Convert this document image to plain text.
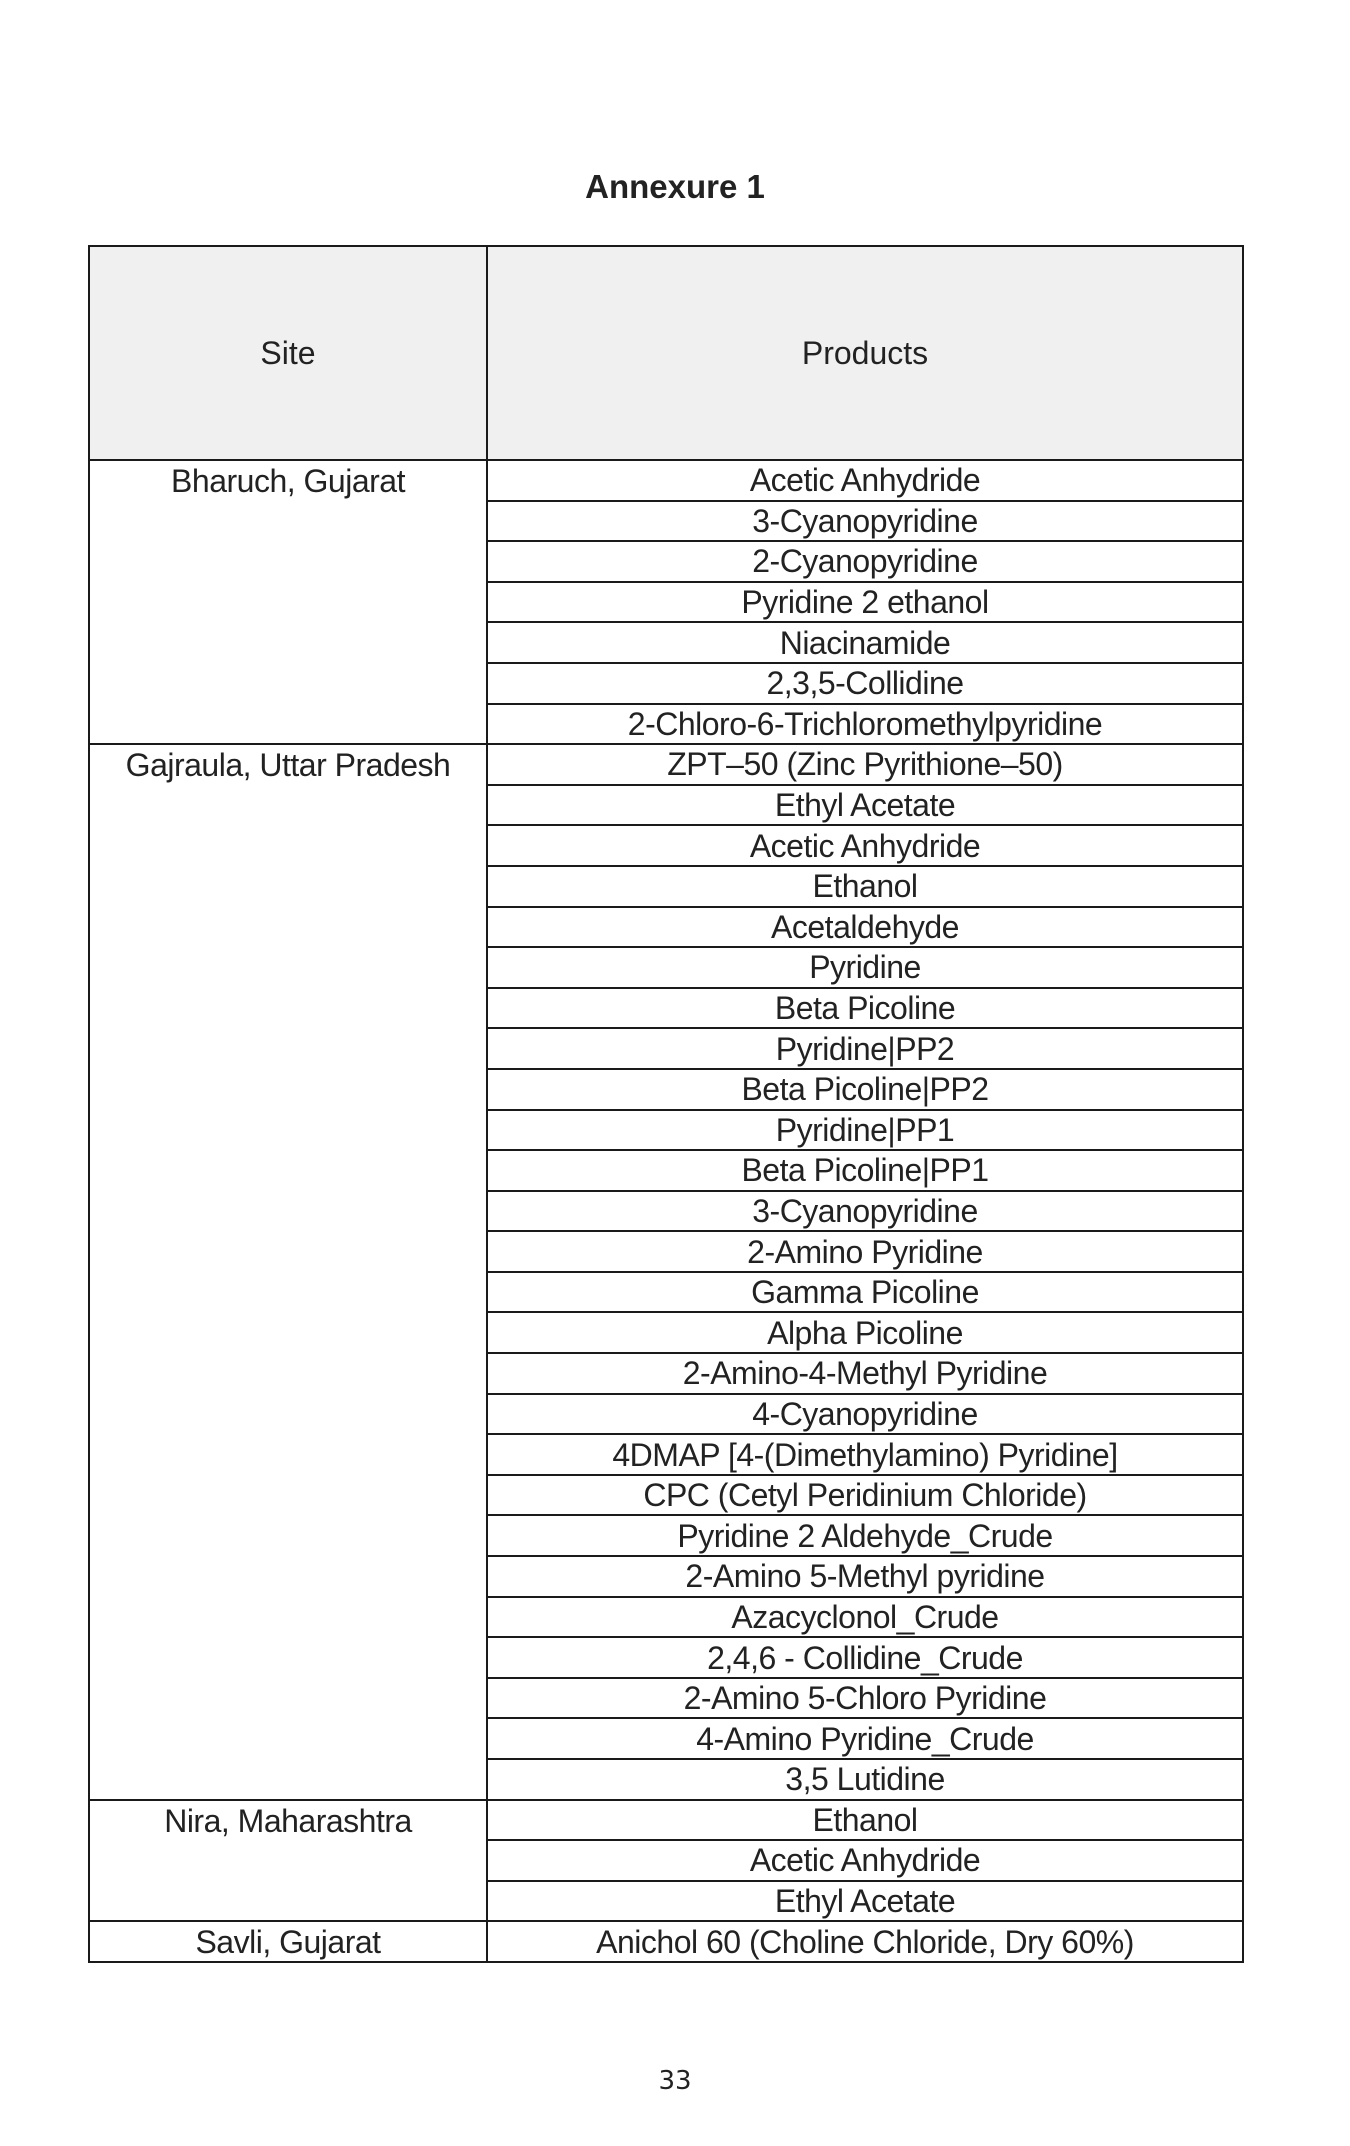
Annexure 1
Site	Products

Bharuch, Gujarat	Acetic Anhydride
	3-Cyanopyridine
	2-Cyanopyridine
	Pyridine 2 ethanol
	Niacinamide
	2,3,5-Collidine
	2-Chloro-6-Trichloromethylpyridine

Gajraula, Uttar Pradesh	ZPT–50 (Zinc Pyrithione–50)
	Ethyl Acetate
	Acetic Anhydride
	Ethanol
	Acetaldehyde
	Pyridine
	Beta Picoline
	Pyridine|PP2
	Beta Picoline|PP2
	Pyridine|PP1
	Beta Picoline|PP1
	3-Cyanopyridine
	2-Amino Pyridine
	Gamma Picoline
	Alpha Picoline
	2-Amino-4-Methyl Pyridine
	4-Cyanopyridine
	4DMAP [4-(Dimethylamino) Pyridine]
	CPC (Cetyl Peridinium Chloride)
	Pyridine 2 Aldehyde_Crude
	2-Amino 5-Methyl pyridine
	Azacyclonol_Crude
	2,4,6 - Collidine_Crude
	2-Amino 5-Chloro Pyridine
	4-Amino Pyridine_Crude
	3,5 Lutidine

Nira, Maharashtra	Ethanol
	Acetic Anhydride
	Ethyl Acetate

Savli, Gujarat	Anichol 60 (Choline Chloride, Dry 60%)
33
